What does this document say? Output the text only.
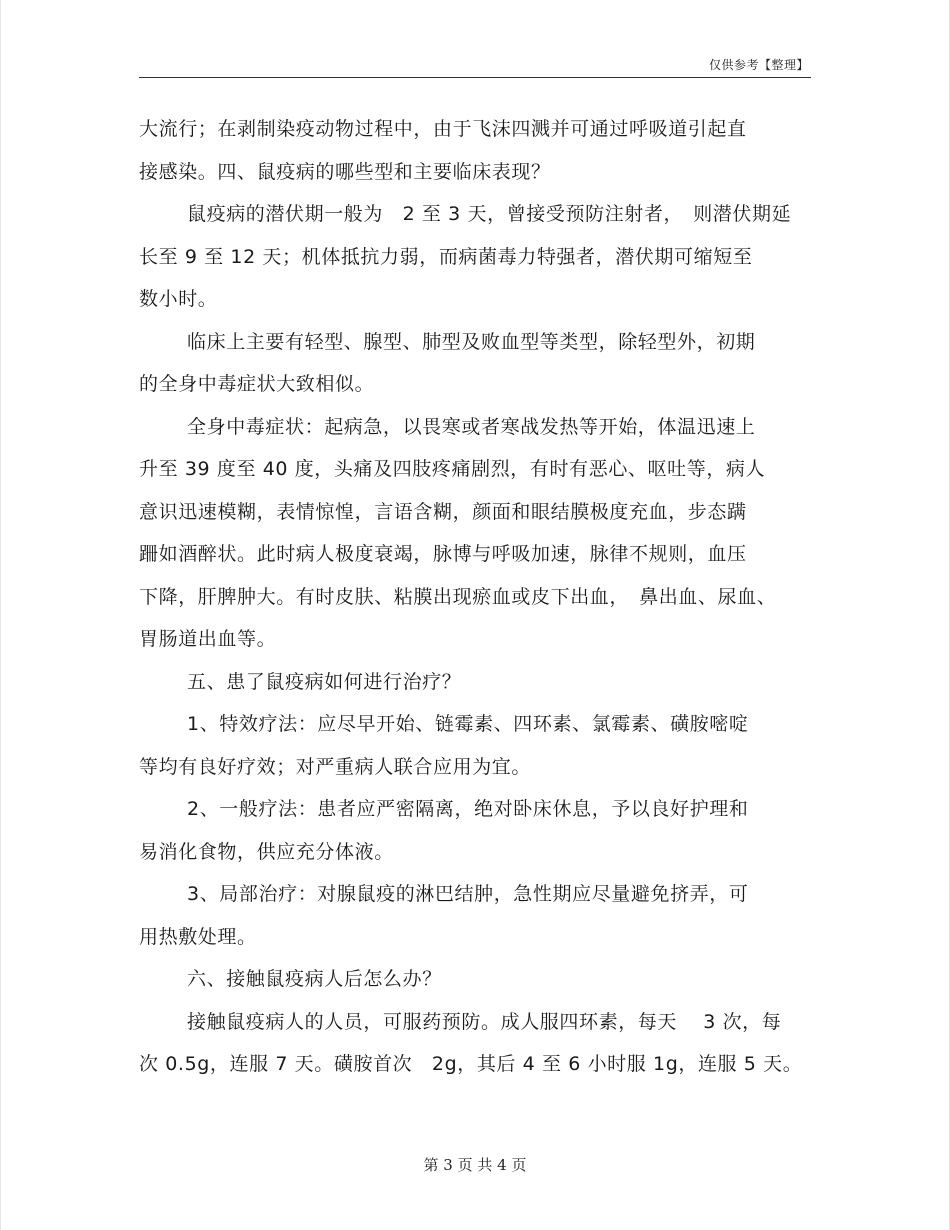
仅供参考【整理】
大流行；在剥制染疫动物过程中，由于飞沫四溅并可通过呼吸道引起直
接感染。四、鼠疫病的哪些型和主要临床表现？
鼠疫病的潜伏期一般为　2 至 3 天，曾接受预防注射者，　则潜伏期延
长至 9 至 12 天；机体抵抗力弱，而病菌毒力特强者，潜伏期可缩短至
数小时。
临床上主要有轻型、腺型、肺型及败血型等类型，除轻型外，初期
的全身中毒症状大致相似。
全身中毒症状：起病急，以畏寒或者寒战发热等开始，体温迅速上
升至 39 度至 40 度，头痛及四肢疼痛剧烈，有时有恶心、呕吐等，病人
意识迅速模糊，表情惊惶，言语含糊，颜面和眼结膜极度充血，步态蹒
跚如酒醉状。此时病人极度衰竭，脉博与呼吸加速，脉律不规则，血压
下降，肝脾肿大。有时皮肤、粘膜出现瘀血或皮下出血，　鼻出血、尿血、
胃肠道出血等。
五、患了鼠疫病如何进行治疗？
1、特效疗法：应尽早开始、链霉素、四环素、氯霉素、磺胺嘧啶
等均有良好疗效；对严重病人联合应用为宜。
2、一般疗法：患者应严密隔离，绝对卧床休息，予以良好护理和
易消化食物，供应充分体液。
3、局部治疗：对腺鼠疫的淋巴结肿，急性期应尽量避免挤弄，可
用热敷处理。
六、接触鼠疫病人后怎么办？
接触鼠疫病人的人员，可服药预防。成人服四环素，每天　 3 次，每
次 0.5g，连服 7 天。磺胺首次　2g，其后 4 至 6 小时服 1g，连服 5 天。
第 3 页 共 4 页
